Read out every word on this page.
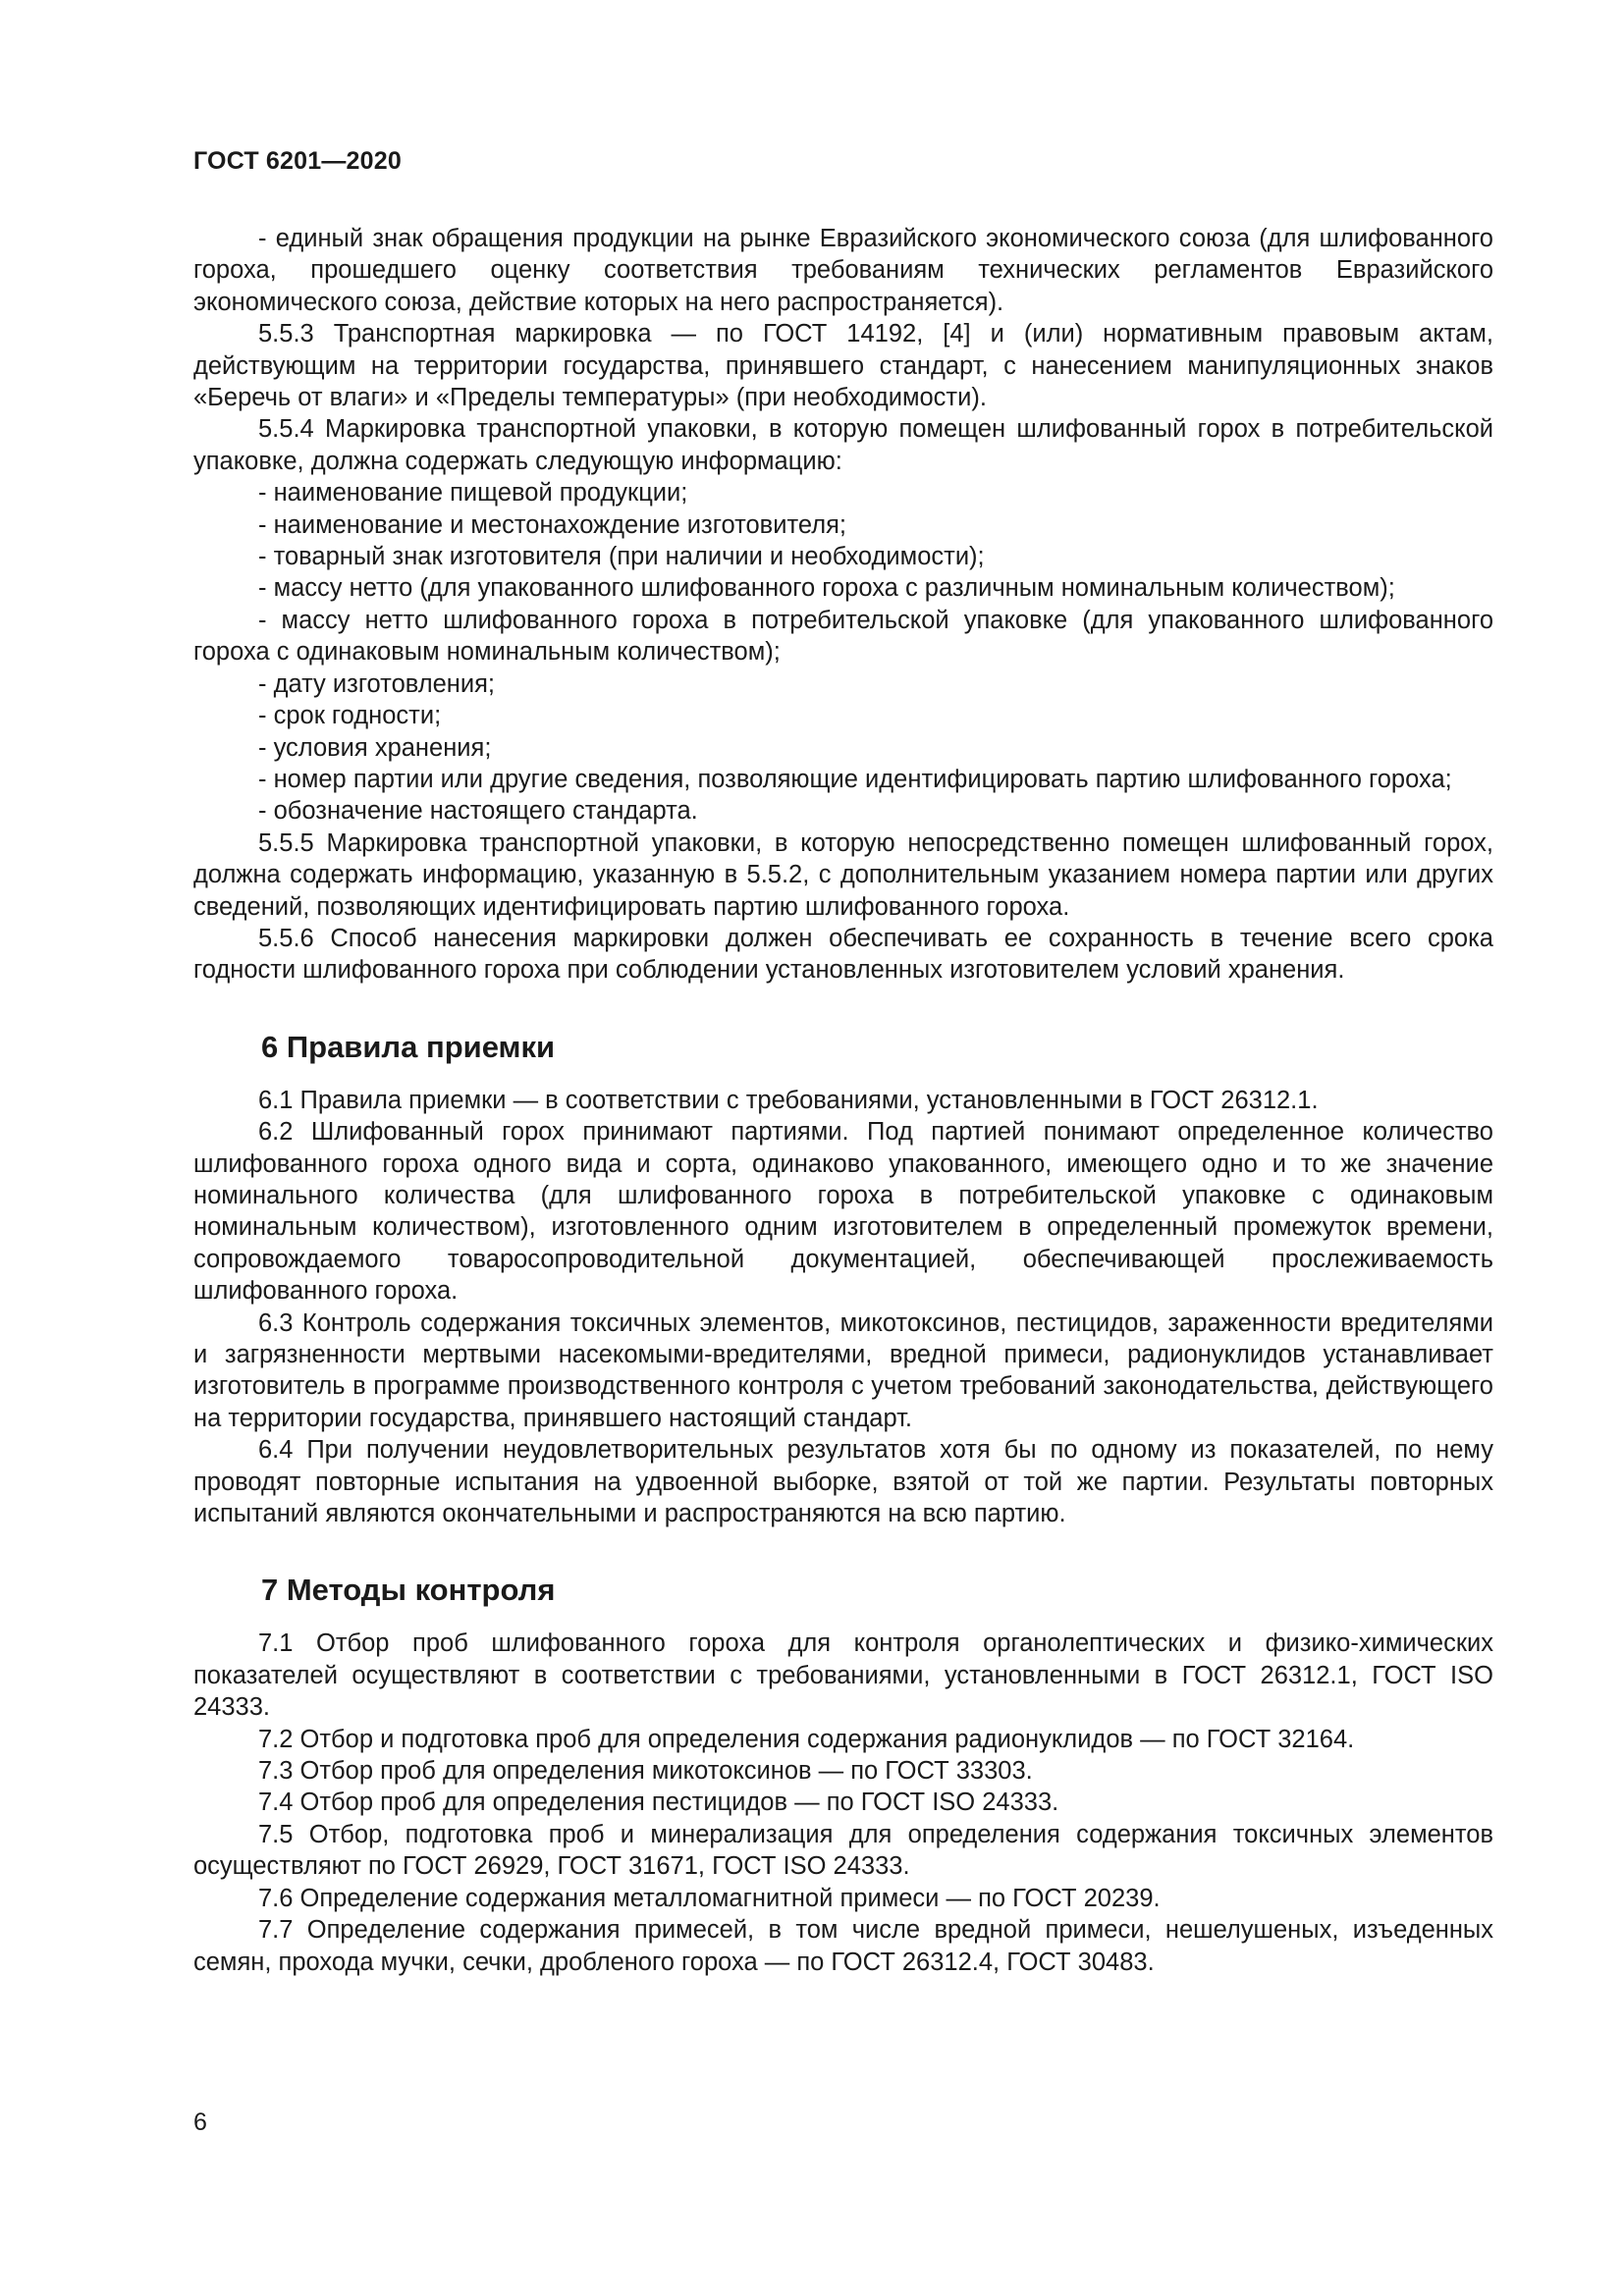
ГОСТ 6201—2020

- единый знак обращения продукции на рынке Евразийского экономического союза (для шлифованного гороха, прошедшего оценку соответствия требованиям технических регламентов Евразийского экономического союза, действие которых на него распространяется).

5.5.3 Транспортная маркировка — по ГОСТ 14192, [4] и (или) нормативным правовым актам, действующим на территории государства, принявшего стандарт, с нанесением манипуляционных знаков «Беречь от влаги» и «Пределы температуры» (при необходимости).

5.5.4 Маркировка транспортной упаковки, в которую помещен шлифованный горох в потребительской упаковке, должна содержать следующую информацию:

- наименование пищевой продукции;

- наименование и местонахождение изготовителя;

- товарный знак изготовителя (при наличии и необходимости);

- массу нетто (для упакованного шлифованного гороха с различным номинальным количеством);

- массу нетто шлифованного гороха в потребительской упаковке (для упакованного шлифованного гороха с одинаковым номинальным количеством);

- дату изготовления;

- срок годности;

- условия хранения;

- номер партии или другие сведения, позволяющие идентифицировать партию шлифованного гороха;

- обозначение настоящего стандарта.

5.5.5 Маркировка транспортной упаковки, в которую непосредственно помещен шлифованный горох, должна содержать информацию, указанную в 5.5.2, с дополнительным указанием номера партии или других сведений, позволяющих идентифицировать партию шлифованного гороха.

5.5.6 Способ нанесения маркировки должен обеспечивать ее сохранность в течение всего срока годности шлифованного гороха при соблюдении установленных изготовителем условий хранения.

6 Правила приемки

6.1 Правила приемки — в соответствии с требованиями, установленными в ГОСТ 26312.1.

6.2 Шлифованный горох принимают партиями. Под партией понимают определенное количество шлифованного гороха одного вида и сорта, одинаково упакованного, имеющего одно и то же значение номинального количества (для шлифованного гороха в потребительской упаковке с одинаковым номинальным количеством), изготовленного одним изготовителем в определенный промежуток времени, сопровождаемого товаросопроводительной документацией, обеспечивающей прослеживаемость шлифованного гороха.

6.3 Контроль содержания токсичных элементов, микотоксинов, пестицидов, зараженности вредителями и загрязненности мертвыми насекомыми-вредителями, вредной примеси, радионуклидов устанавливает изготовитель в программе производственного контроля с учетом требований законодательства, действующего на территории государства, принявшего настоящий стандарт.

6.4 При получении неудовлетворительных результатов хотя бы по одному из показателей, по нему проводят повторные испытания на удвоенной выборке, взятой от той же партии. Результаты повторных испытаний являются окончательными и распространяются на всю партию.

7 Методы контроля

7.1 Отбор проб шлифованного гороха для контроля органолептических и физико-химических показателей осуществляют в соответствии с требованиями, установленными в ГОСТ 26312.1, ГОСТ ISO 24333.

7.2 Отбор и подготовка проб для определения содержания радионуклидов — по ГОСТ 32164.

7.3 Отбор проб для определения микотоксинов — по ГОСТ 33303.

7.4 Отбор проб для определения пестицидов — по ГОСТ ISO 24333.

7.5 Отбор, подготовка проб и минерализация для определения содержания токсичных элементов осуществляют по ГОСТ 26929, ГОСТ 31671, ГОСТ ISO 24333.

7.6 Определение содержания металломагнитной примеси — по ГОСТ 20239.

7.7 Определение содержания примесей, в том числе вредной примеси, нешелушеных, изъеденных семян, прохода мучки, сечки, дробленого гороха — по ГОСТ 26312.4, ГОСТ 30483.

6
